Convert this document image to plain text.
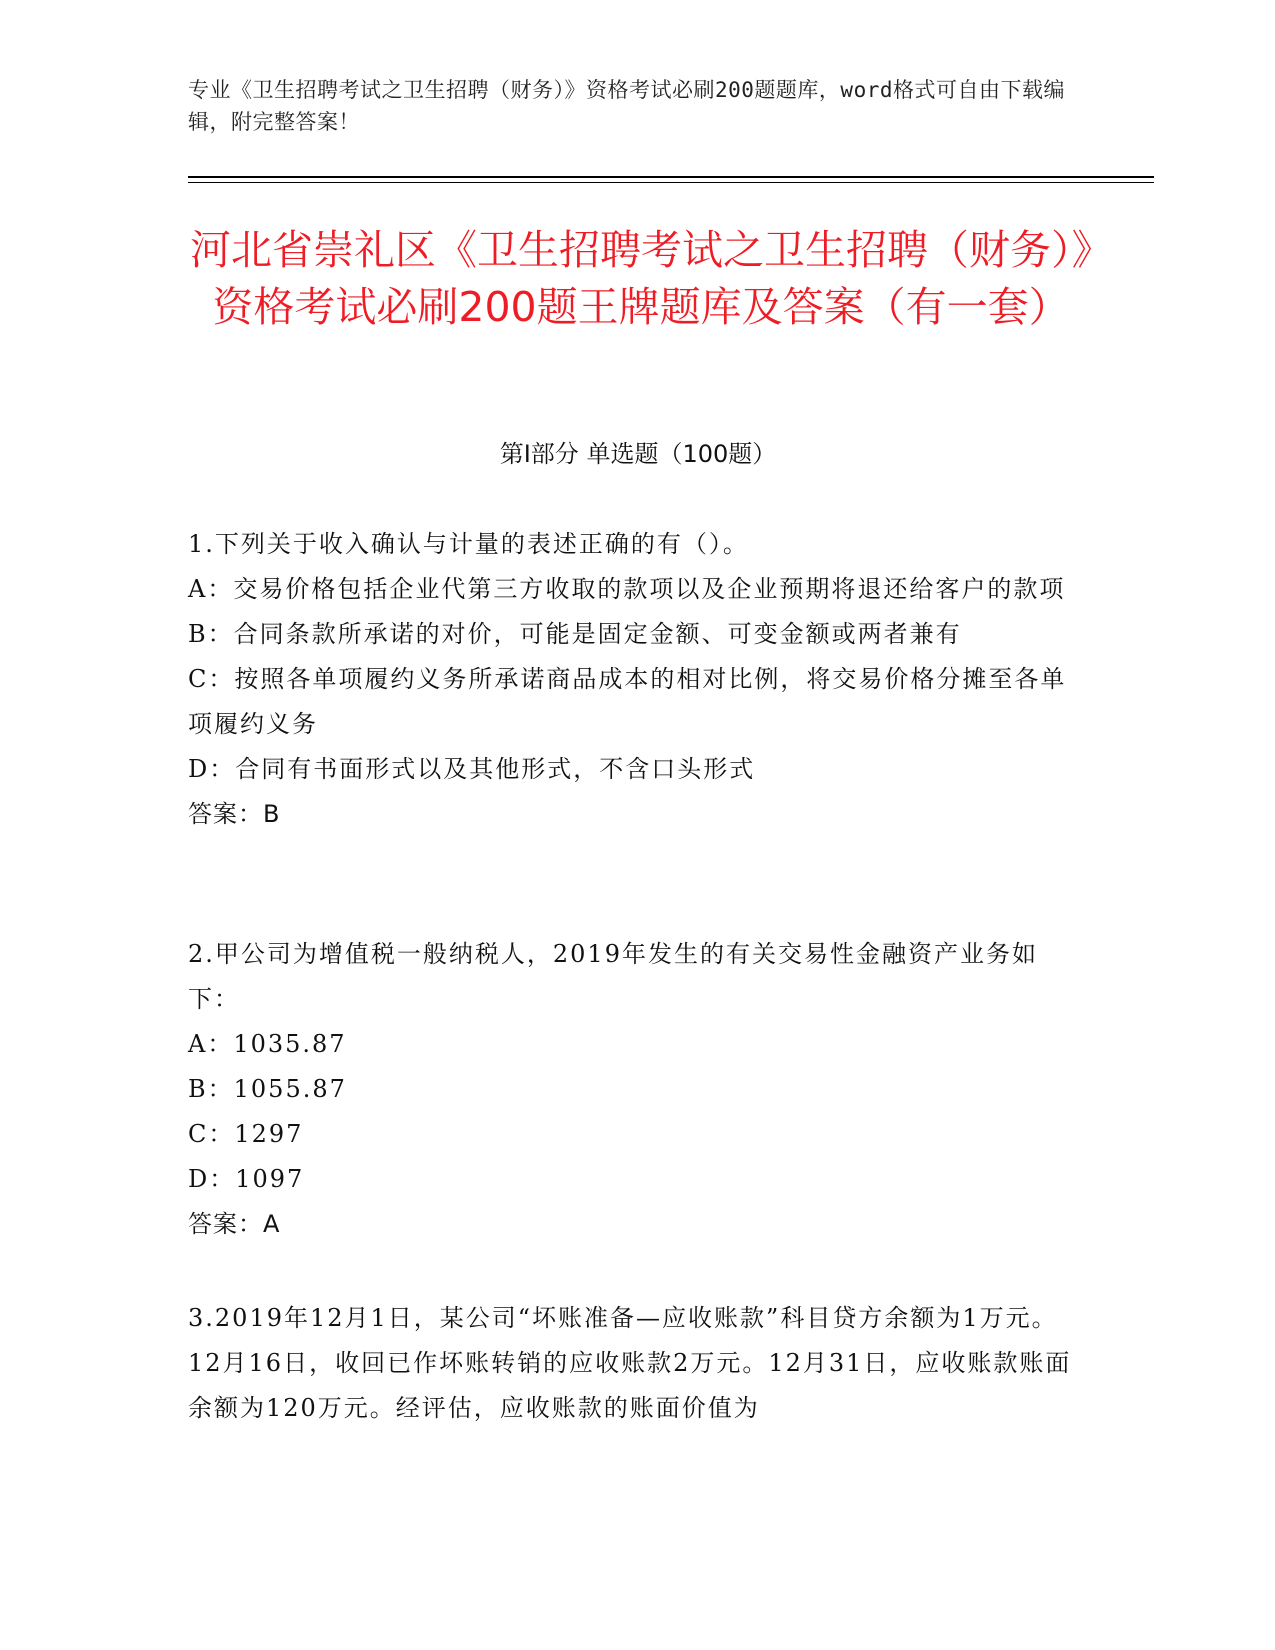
专业《卫生招聘考试之卫生招聘（财务）》资格考试必刷200题题库，word格式可自由下载编辑，附完整答案！
河北省崇礼区《卫生招聘考试之卫生招聘（财务）》资格考试必刷200题王牌题库及答案（有一套）
第I部分 单选题（100题）
1.下列关于收入确认与计量的表述正确的有（）。
A：交易价格包括企业代第三方收取的款项以及企业预期将退还给客户的款项
B：合同条款所承诺的对价，可能是固定金额、可变金额或两者兼有
C：按照各单项履约义务所承诺商品成本的相对比例，将交易价格分摊至各单项履约义务
D：合同有书面形式以及其他形式，不含口头形式
答案：B
2.甲公司为增值税一般纳税人，2019年发生的有关交易性金融资产业务如下：
A：1035.87
B：1055.87
C：1297
D：1097
答案：A
3.2019年12月1日，某公司“坏账准备—应收账款”科目贷方余额为1万元。12月16日，收回已作坏账转销的应收账款2万元。12月31日，应收账款账面余额为120万元。经评估，应收账款的账面价值为
